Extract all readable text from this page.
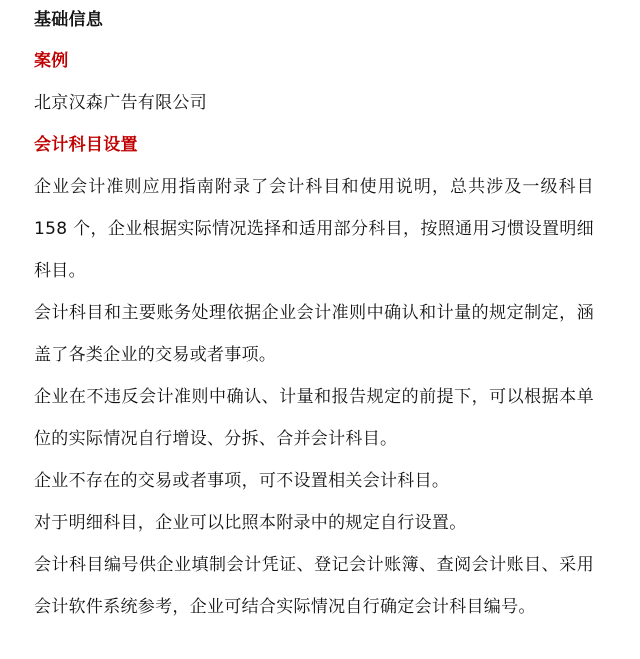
基础信息
案例
北京汉森广告有限公司
会计科目设置

企业会计准则应用指南附录了会计科目和使用说明，总共涉及一级科目 158 个，企业根据实际情况选择和适用部分科目，按照通用习惯设置明细科目。

会计科目和主要账务处理依据企业会计准则中确认和计量的规定制定，涵盖了各类企业的交易或者事项。

企业在不违反会计准则中确认、计量和报告规定的前提下，可以根据本单位的实际情况自行增设、分拆、合并会计科目。

企业不存在的交易或者事项，可不设置相关会计科目。

对于明细科目，企业可以比照本附录中的规定自行设置。

会计科目编号供企业填制会计凭证、登记会计账簿、查阅会计账目、采用会计软件系统参考，企业可结合实际情况自行确定会计科目编号。
